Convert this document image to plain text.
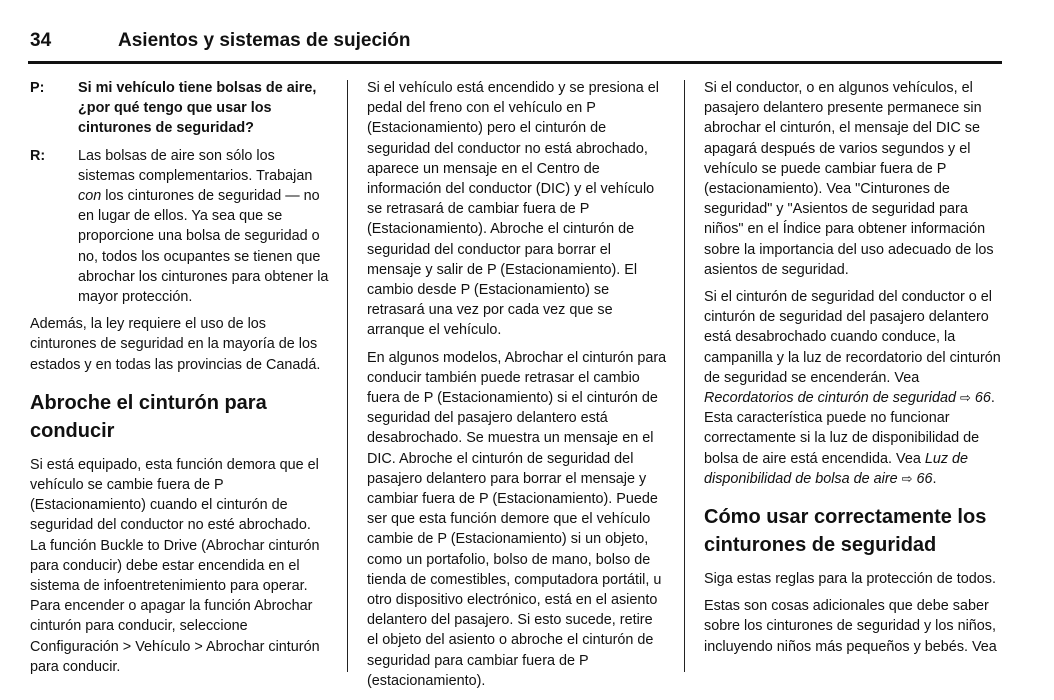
34	Asientos y sistemas de sujeción
P:	Si mi vehículo tiene bolsas de aire, ¿por qué tengo que usar los cinturones de seguridad?
R:	Las bolsas de aire son sólo los sistemas complementarios. Trabajan con los cinturones de seguridad — no en lugar de ellos. Ya sea que se proporcione una bolsa de seguridad o no, todos los ocupantes se tienen que abrochar los cinturones para obtener la mayor protección.

Además, la ley requiere el uso de los cinturones de seguridad en la mayoría de los estados y en todas las provincias de Canadá.

Abroche el cinturón para conducir

Si está equipado, esta función demora que el vehículo se cambie fuera de P (Estacionamiento) cuando el cinturón de seguridad del conductor no esté abrochado. La función Buckle to Drive (Abrochar cinturón para conducir) debe estar encendida en el sistema de infoentretenimiento para operar. Para encender o apagar la función Abrochar cinturón para conducir, seleccione Configuración > Vehículo > Abrochar cinturón para conducir.

Si el vehículo está encendido y se presiona el pedal del freno con el vehículo en P (Estacionamiento) pero el cinturón de seguridad del conductor no está abrochado, aparece un mensaje en el Centro de información del conductor (DIC) y el vehículo se retrasará de cambiar fuera de P (Estacionamiento). Abroche el cinturón de seguridad del conductor para borrar el mensaje y salir de P (Estacionamiento). El cambio desde P (Estacionamiento) se retrasará una vez por cada vez que se arranque el vehículo.

En algunos modelos, Abrochar el cinturón para conducir también puede retrasar el cambio fuera de P (Estacionamiento) si el cinturón de seguridad del pasajero delantero está desabrochado. Se muestra un mensaje en el DIC. Abroche el cinturón de seguridad del pasajero delantero para borrar el mensaje y cambiar fuera de P (Estacionamiento). Puede ser que esta función demore que el vehículo cambie de P (Estacionamiento) si un objeto, como un portafolio, bolso de mano, bolso de tienda de comestibles, computadora portátil, u otro dispositivo electrónico, está en el asiento delantero del pasajero. Si esto sucede, retire el objeto del asiento o abroche el cinturón de seguridad para cambiar fuera de P (estacionamiento).

Si el conductor, o en algunos vehículos, el pasajero delantero presente permanece sin abrochar el cinturón, el mensaje del DIC se apagará después de varios segundos y el vehículo se puede cambiar fuera de P (estacionamiento). Vea "Cinturones de seguridad" y "Asientos de seguridad para niños" en el Índice para obtener información sobre la importancia del uso adecuado de los asientos de seguridad.

Si el cinturón de seguridad del conductor o el cinturón de seguridad del pasajero delantero está desabrochado cuando conduce, la campanilla y la luz de recordatorio del cinturón de seguridad se encenderán. Vea Recordatorios de cinturón de seguridad ⇨ 66. Esta característica puede no funcionar correctamente si la luz de disponibilidad de bolsa de aire está encendida. Vea Luz de disponibilidad de bolsa de aire ⇨ 66.

Cómo usar correctamente los cinturones de seguridad

Siga estas reglas para la protección de todos.

Estas son cosas adicionales que debe saber sobre los cinturones de seguridad y los niños, incluyendo niños más pequeños y bebés. Vea
